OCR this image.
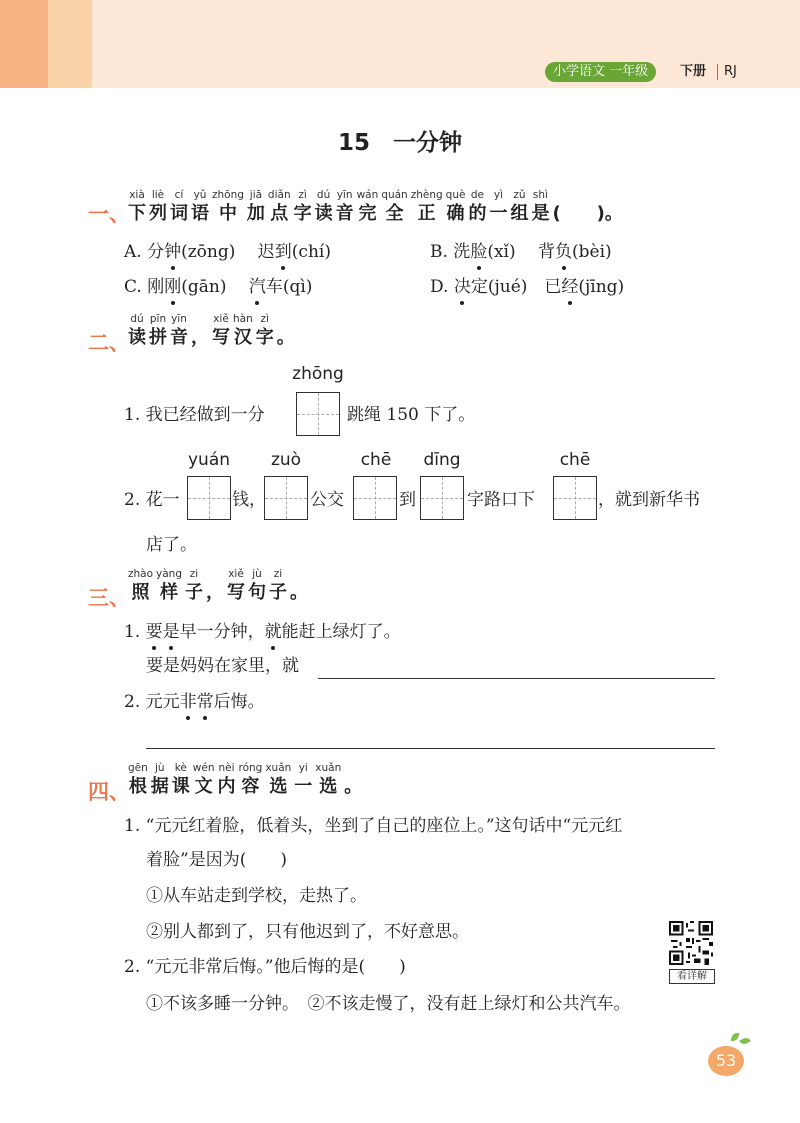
小学语文 一年级	下册 RJ
15　一分钟
一、
xià
下
liè
列
cí
词
yǔ
语
zhōng
中
jiā
加
diǎn
点
zì
字
dú
读
yīn
音
wán
完
quán
全
zhèng
正
què
确
de
的
yì
一
zǔ
组
shì
是 (　　)。
A. 分钟(zōng)　 迟到(chí)	B. 洗脸(xǐ)　 背负(bèi)
C. 刚刚(gān)　 汽车(qì)	D. 决定(jué)　已经(jīng)
二、
dú
读
pīn
拼
yīn
音 ，
xiě
写
hàn
汉
zì
字 。
zhōng
1. 我已经做到一分	跳绳 150 下了。
yuán	zuò	chē	dīng	chē
2. 花一	钱，	公交	到	字路口下	，就到新华书
店了。
三、
zhào
照
yàng
样
zi
子 ，
xiě
写
jù
句
zi
子 。
1. 要是早一分钟，就能赶上绿灯了。
要是妈妈在家里，就
2. 元元非常后悔。
四、
gēn
根
jù
据
kè
课
wén
文
nèi
内
róng
容
xuǎn
选
yi
一
xuǎn
选 。
1. “元元红着脸，低着头，坐到了自己的座位上。”这句话中“元元红
着脸”是因为(　　)
①从车站走到学校，走热了。
②别人都到了，只有他迟到了，不好意思。
2. “元元非常后悔。”他后悔的是(　　)
①不该多睡一分钟。　②不该走慢了，没有赶上绿灯和公共汽车。
看详解
53
